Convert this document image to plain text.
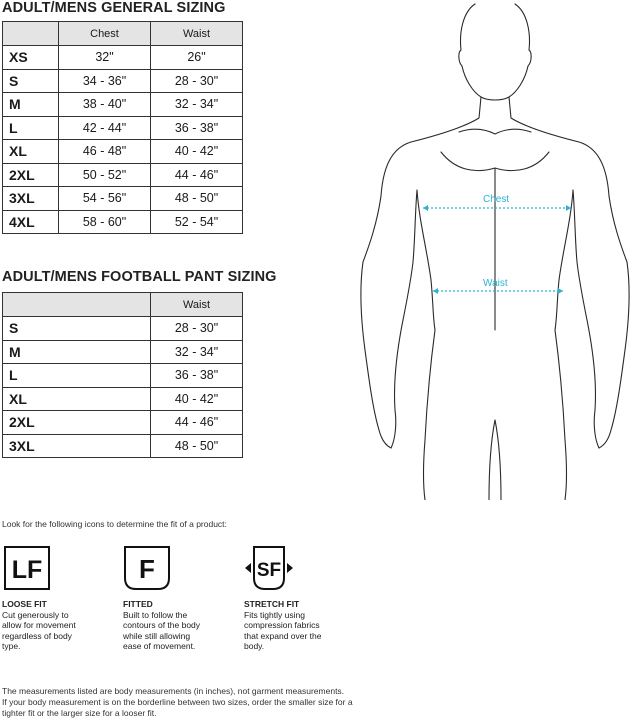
ADULT/MENS GENERAL SIZING
	Chest	Waist
XS	32"	26"
S	34 - 36"	28 - 30"
M	38 - 40"	32 - 34"
L	42 - 44"	36 - 38"
XL	46 - 48"	40 - 42"
2XL	50 - 52"	44 - 46"
3XL	54 - 56"	48 - 50"
4XL	58 - 60"	52 - 54"
ADULT/MENS FOOTBALL PANT SIZING
	Waist
S	28 - 30"
M	32 - 34"
L	36 - 38"
XL	40 - 42"
2XL	44 - 46"
3XL	48 - 50"
Chest
Waist

Look for the following icons to determine the fit of a product:

LF	F	SF
LOOSE FIT
Cut generously to
allow for movement
regardless of body
type.
FITTED
Built to follow the
contours of the body
while still allowing
ease of movement.
STRETCH FIT
Fits tightly using
compression fabrics
that expand over the
body.

The measurements listed are body measurements (in inches), not garment measurements.
If your body measurement is on the borderline between two sizes, order the smaller size for a
tighter fit or the larger size for a looser fit.
